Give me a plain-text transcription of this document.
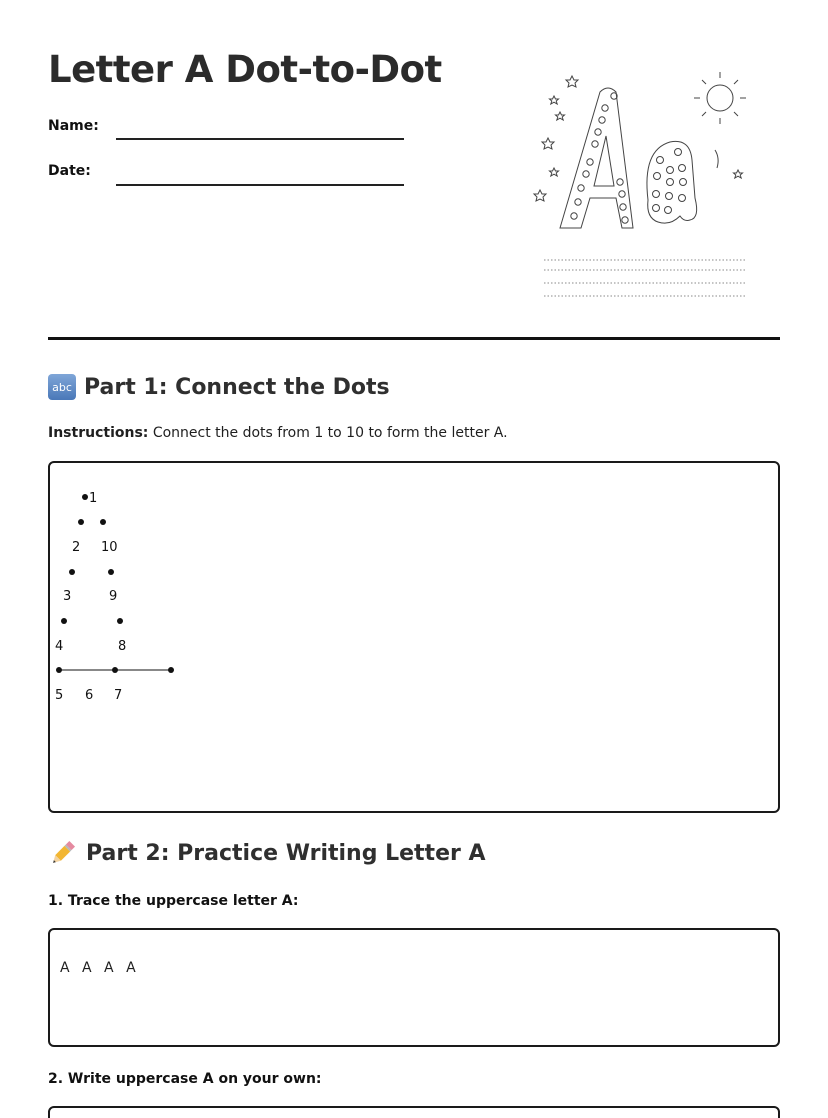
Letter A Dot-to-Dot
Name:
Date:
abc Part 1: Connect the Dots
Instructions: Connect the dots from 1 to 10 to form the letter A.
1
2 10
3	9
4	8
5 6 7
Part 2: Practice Writing Letter A
1. Trace the uppercase letter A:
A A A A
2. Write uppercase A on your own:
